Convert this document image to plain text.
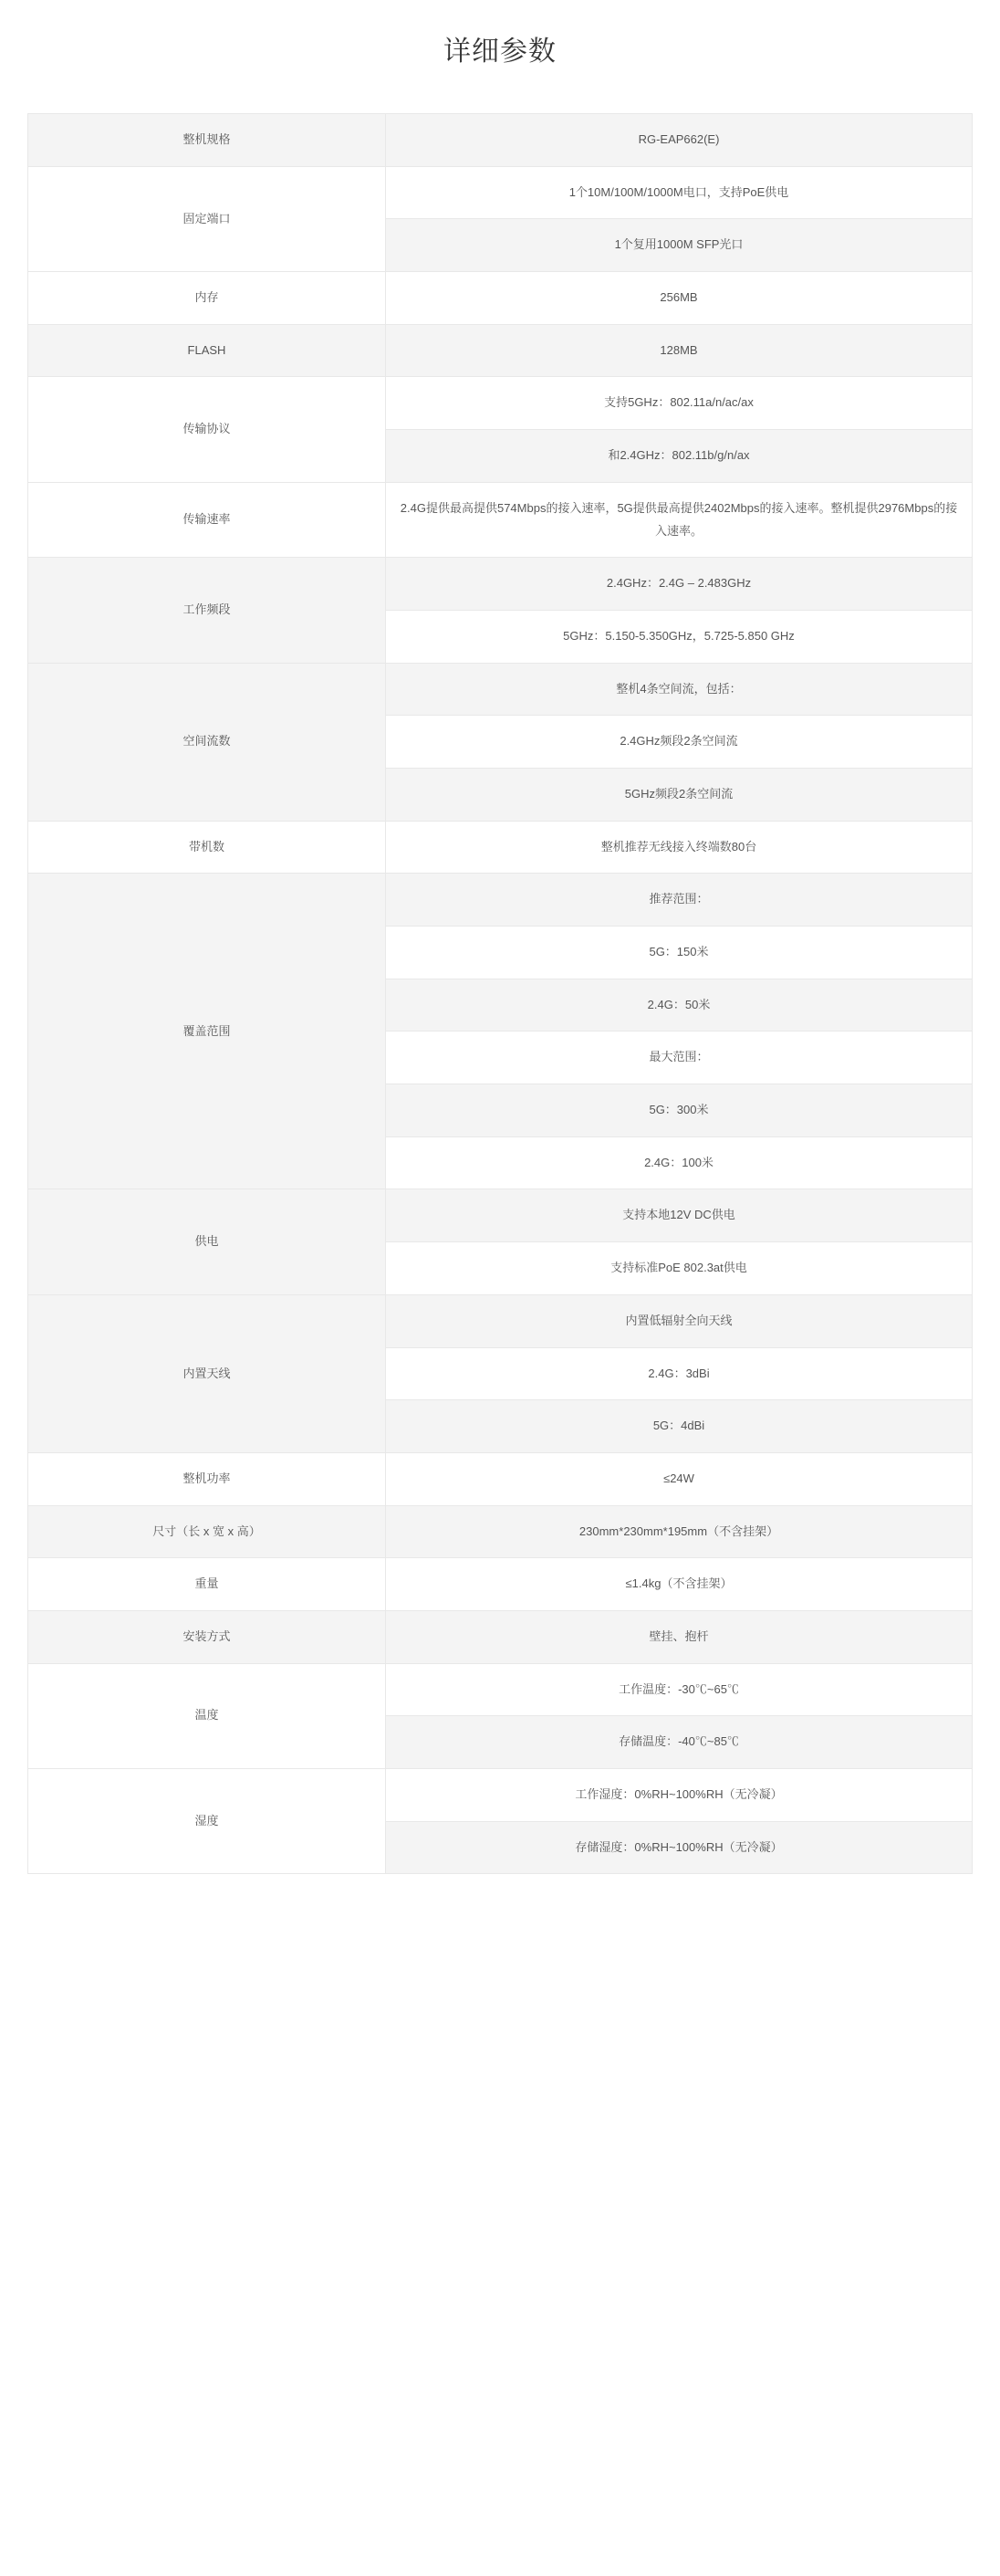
详细参数
整机规格	RG-EAP662(E)
固定端口	1个10M/100M/1000M电口，支持PoE供电
	1个复用1000M SFP光口
内存	256MB
FLASH	128MB
传输协议	支持5GHz：802.11a/n/ac/ax
	和2.4GHz：802.11b/g/n/ax
传输速率	2.4G提供最高提供574Mbps的接入速率，5G提供最高提供2402Mbps的接入速率。整机提供2976Mbps的接入速率。
工作频段	2.4GHz：2.4G – 2.483GHz
	5GHz：5.150-5.350GHz，5.725-5.850 GHz
空间流数	整机4条空间流，包括：
	2.4GHz频段2条空间流
	5GHz频段2条空间流
带机数	整机推荐无线接入终端数80台
覆盖范围	推荐范围：
	5G：150米
	2.4G：50米
	最大范围：
	5G：300米
	2.4G：100米
供电	支持本地12V DC供电
	支持标准PoE 802.3at供电
内置天线	内置低辐射全向天线
	2.4G：3dBi
	5G：4dBi
整机功率	≤24W
尺寸（长 x 宽 x 高）	230mm*230mm*195mm（不含挂架）
重量	≤1.4kg（不含挂架）
安装方式	壁挂、抱杆
温度	工作温度：-30℃~65℃
	存储温度：-40℃~85℃
湿度	工作湿度：0%RH~100%RH（无冷凝）
	存储湿度：0%RH~100%RH（无冷凝）
